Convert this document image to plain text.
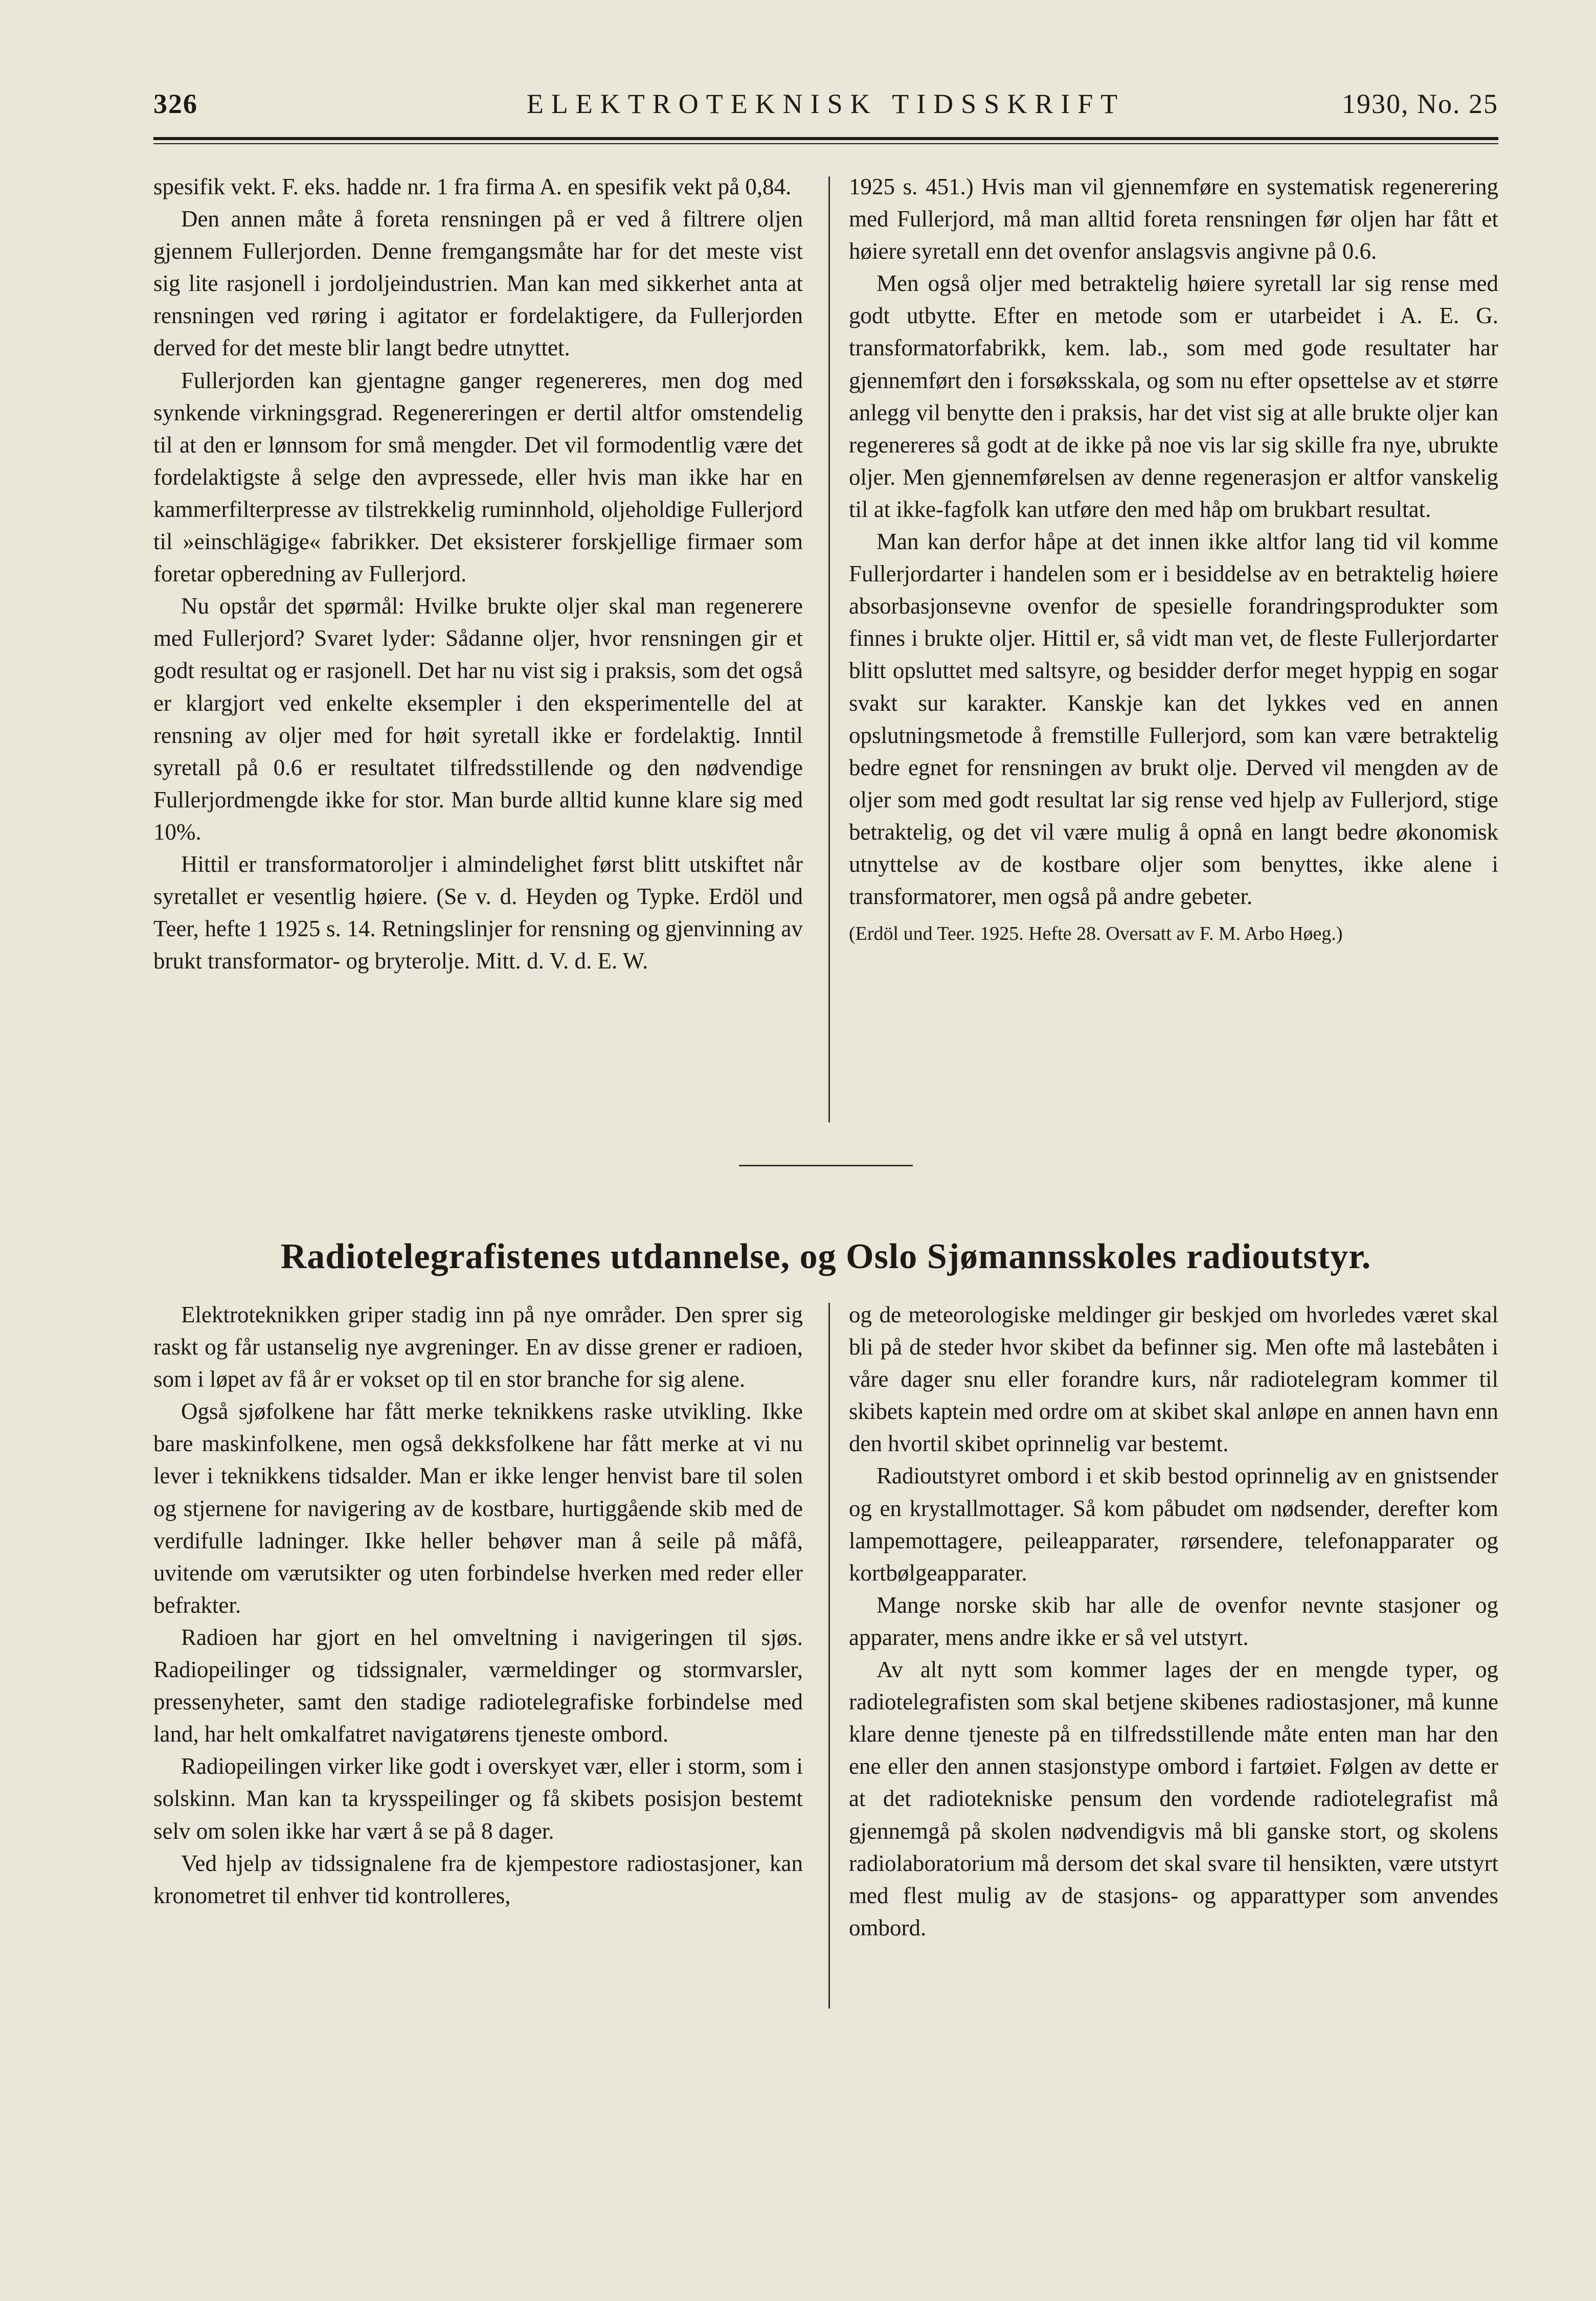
326	ELEKTROTEKNISK TIDSSKRIFT	1930, No. 25

spesifik vekt. F. eks. hadde nr. 1 fra firma A. en spesifik vekt på 0,84.

Den annen måte å foreta rensningen på er ved å filtrere oljen gjennem Fullerjorden. Denne fremgangsmåte har for det meste vist sig lite rasjonell i jordoljeindustrien. Man kan med sikkerhet anta at rensningen ved røring i agitator er fordelaktigere, da Fullerjorden derved for det meste blir langt bedre utnyttet.

Fullerjorden kan gjentagne ganger regenereres, men dog med synkende virkningsgrad. Regenereringen er dertil altfor omstendelig til at den er lønnsom for små mengder. Det vil formodentlig være det fordelaktigste å selge den avpressede, eller hvis man ikke har en kammerfilterpresse av tilstrekkelig ruminnhold, oljeholdige Fullerjord til »einschlägige« fabrikker. Det eksisterer forskjellige firmaer som foretar opberedning av Fullerjord.

Nu opstår det spørmål: Hvilke brukte oljer skal man regenerere med Fullerjord? Svaret lyder: Sådanne oljer, hvor rensningen gir et godt resultat og er rasjonell. Det har nu vist sig i praksis, som det også er klargjort ved enkelte eksempler i den eksperimentelle del at rensning av oljer med for høit syretall ikke er fordelaktig. Inntil syretall på 0.6 er resultatet tilfredsstillende og den nødvendige Fullerjordmengde ikke for stor. Man burde alltid kunne klare sig med 10%.

Hittil er transformatoroljer i almindelighet først blitt utskiftet når syretallet er vesentlig høiere. (Se v. d. Heyden og Typke. Erdöl und Teer, hefte 1 1925 s. 14. Retningslinjer for rensning og gjenvinning av brukt transformator- og bryterolje. Mitt. d. V. d. E. W.

1925 s. 451.) Hvis man vil gjennemføre en systematisk regenerering med Fullerjord, må man alltid foreta rensningen før oljen har fått et høiere syretall enn det ovenfor anslagsvis angivne på 0.6.

Men også oljer med betraktelig høiere syretall lar sig rense med godt utbytte. Efter en metode som er utarbeidet i A. E. G. transformatorfabrikk, kem. lab., som med gode resultater har gjennemført den i forsøksskala, og som nu efter opsettelse av et større anlegg vil benytte den i praksis, har det vist sig at alle brukte oljer kan regenereres så godt at de ikke på noe vis lar sig skille fra nye, ubrukte oljer. Men gjennemførelsen av denne regenerasjon er altfor vanskelig til at ikke-fagfolk kan utføre den med håp om brukbart resultat.

Man kan derfor håpe at det innen ikke altfor lang tid vil komme Fullerjordarter i handelen som er i besiddelse av en betraktelig høiere absorbasjonsevne ovenfor de spesielle forandringsprodukter som finnes i brukte oljer. Hittil er, så vidt man vet, de fleste Fullerjordarter blitt opsluttet med saltsyre, og besidder derfor meget hyppig en sogar svakt sur karakter. Kanskje kan det lykkes ved en annen opslutningsmetode å fremstille Fullerjord, som kan være betraktelig bedre egnet for rensningen av brukt olje. Derved vil mengden av de oljer som med godt resultat lar sig rense ved hjelp av Fullerjord, stige betraktelig, og det vil være mulig å opnå en langt bedre økonomisk utnyttelse av de kostbare oljer som benyttes, ikke alene i transformatorer, men også på andre gebeter.

(Erdöl und Teer. 1925. Hefte 28. Oversatt av F. M. Arbo Høeg.)

Radiotelegrafistenes utdannelse, og Oslo Sjømannsskoles radioutstyr.

Elektroteknikken griper stadig inn på nye områder. Den sprer sig raskt og får ustanselig nye avgreninger. En av disse grener er radioen, som i løpet av få år er vokset op til en stor branche for sig alene.

Også sjøfolkene har fått merke teknikkens raske utvikling. Ikke bare maskinfolkene, men også dekksfolkene har fått merke at vi nu lever i teknikkens tidsalder. Man er ikke lenger henvist bare til solen og stjernene for navigering av de kostbare, hurtiggående skib med de verdifulle ladninger. Ikke heller behøver man å seile på måfå, uvitende om værutsikter og uten forbindelse hverken med reder eller befrakter.

Radioen har gjort en hel omveltning i navigeringen til sjøs. Radiopeilinger og tidssignaler, værmeldinger og stormvarsler, pressenyheter, samt den stadige radiotelegrafiske forbindelse med land, har helt omkalfatret navigatørens tjeneste ombord.

Radiopeilingen virker like godt i overskyet vær, eller i storm, som i solskinn. Man kan ta krysspeilinger og få skibets posisjon bestemt selv om solen ikke har vært å se på 8 dager.

Ved hjelp av tidssignalene fra de kjempestore radiostasjoner, kan kronometret til enhver tid kontrolleres,

og de meteorologiske meldinger gir beskjed om hvorledes været skal bli på de steder hvor skibet da befinner sig. Men ofte må lastebåten i våre dager snu eller forandre kurs, når radiotelegram kommer til skibets kaptein med ordre om at skibet skal anløpe en annen havn enn den hvortil skibet oprinnelig var bestemt.

Radioutstyret ombord i et skib bestod oprinnelig av en gnistsender og en krystallmottager. Så kom påbudet om nødsender, derefter kom lampemottagere, peileapparater, rørsendere, telefonapparater og kortbølgeapparater.

Mange norske skib har alle de ovenfor nevnte stasjoner og apparater, mens andre ikke er så vel utstyrt.

Av alt nytt som kommer lages der en mengde typer, og radiotelegrafisten som skal betjene skibenes radiostasjoner, må kunne klare denne tjeneste på en tilfredsstillende måte enten man har den ene eller den annen stasjonstype ombord i fartøiet. Følgen av dette er at det radiotekniske pensum den vordende radiotelegrafist må gjennemgå på skolen nødvendigvis må bli ganske stort, og skolens radiolaboratorium må dersom det skal svare til hensikten, være utstyrt med flest mulig av de stasjons- og apparattyper som anvendes ombord.
